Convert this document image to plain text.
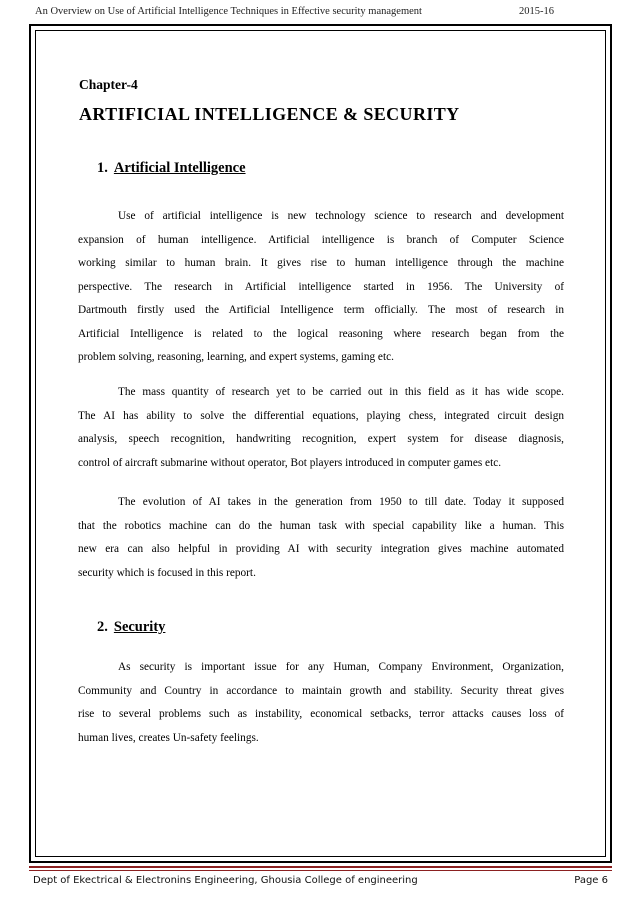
An Overview on Use of Artificial Intelligence Techniques in Effective security management	2015-16
Chapter-4
ARTIFICIAL INTELLIGENCE & SECURITY
1. Artificial Intelligence
Use of artificial intelligence is new technology science to research and development
expansion of human intelligence. Artificial intelligence is branch of Computer Science
working similar to human brain. It gives rise to human intelligence through the machine
perspective. The research in Artificial intelligence started in 1956. The University of
Dartmouth firstly used the Artificial Intelligence term officially. The most of research in
Artificial Intelligence is related to the logical reasoning where research began from the
problem solving, reasoning, learning, and expert systems, gaming etc.
The mass quantity of research yet to be carried out in this field as it has wide scope.
The AI has ability to solve the differential equations, playing chess, integrated circuit design
analysis, speech recognition, handwriting recognition, expert system for disease diagnosis,
control of aircraft submarine without operator, Bot players introduced in computer games etc.
The evolution of AI takes in the generation from 1950 to till date. Today it supposed
that the robotics machine can do the human task with special capability like a human. This
new era can also helpful in providing AI with security integration gives machine automated
security which is focused in this report.
2. Security
As security is important issue for any Human, Company Environment, Organization,
Community and Country in accordance to maintain growth and stability. Security threat gives
rise to several problems such as instability, economical setbacks, terror attacks causes loss of
human lives, creates Un-safety feelings.
Dept of Ekectrical & Electronins Engineering, Ghousia College of engineering	Page 6
